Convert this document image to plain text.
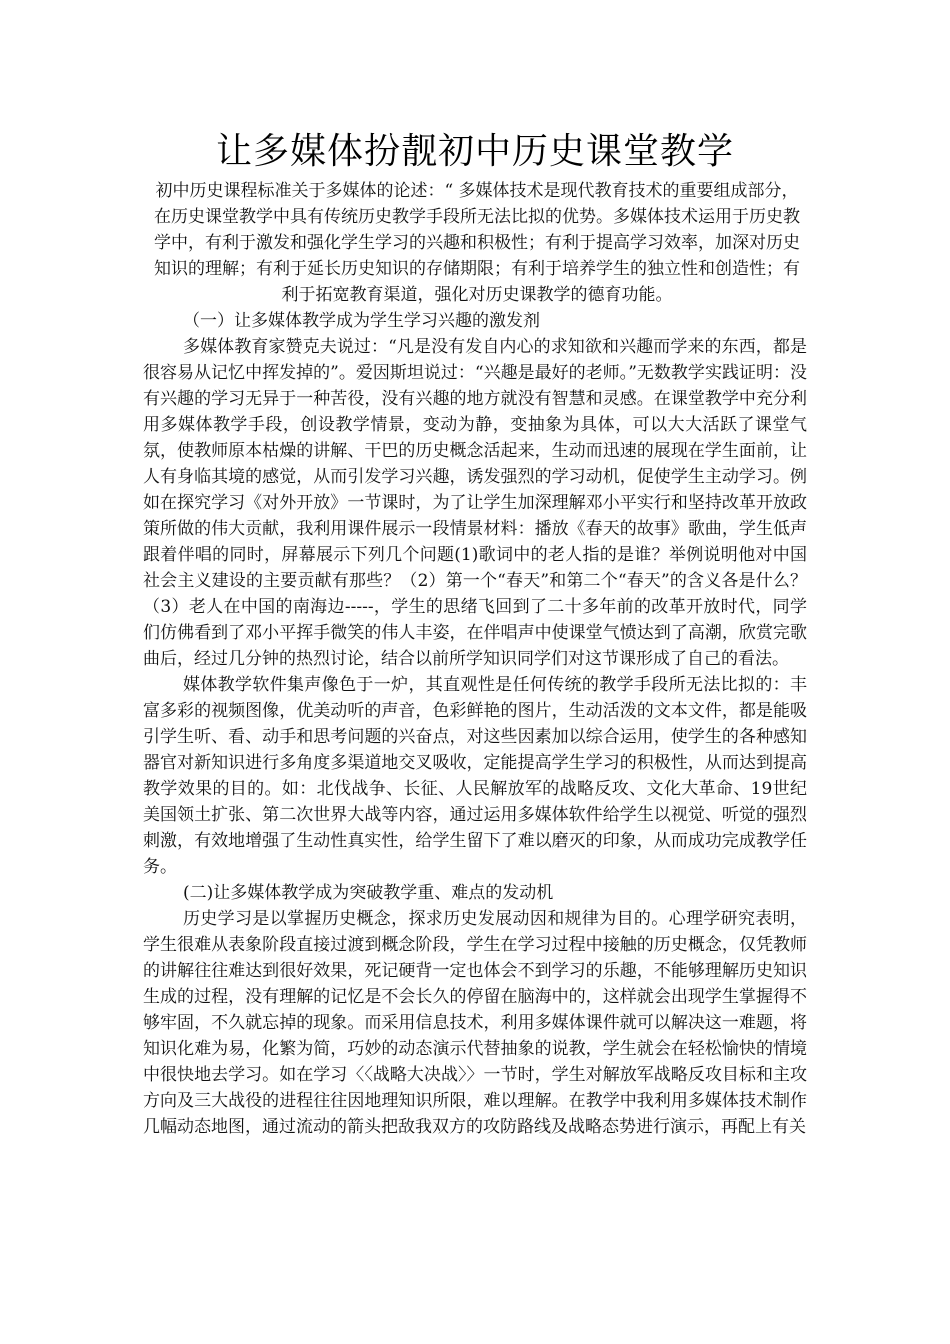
让多媒体扮靓初中历史课堂教学

初中历史课程标准关于多媒体的论述：“ 多媒体技术是现代教育技术的重要组成部分，在历史课堂教学中具有传统历史教学手段所无法比拟的优势。多媒体技术运用于历史教学中，有利于激发和强化学生学习的兴趣和积极性；有利于提高学习效率，加深对历史知识的理解；有利于延长历史知识的存储期限；有利于培养学生的独立性和创造性；有利于拓宽教育渠道，强化对历史课教学的德育功能。

（一）让多媒体教学成为学生学习兴趣的激发剂

多媒体教育家赞克夫说过：“凡是没有发自内心的求知欲和兴趣而学来的东西，都是很容易从记忆中挥发掉的”。爱因斯坦说过：“兴趣是最好的老师。”无数教学实践证明：没有兴趣的学习无异于一种苦役，没有兴趣的地方就没有智慧和灵感。在课堂教学中充分利用多媒体教学手段，创设教学情景，变动为静，变抽象为具体，可以大大活跃了课堂气氛，使教师原本枯燥的讲解、干巴的历史概念活起来，生动而迅速的展现在学生面前，让人有身临其境的感觉，从而引发学习兴趣，诱发强烈的学习动机，促使学生主动学习。例如在探究学习《对外开放》一节课时，为了让学生加深理解邓小平实行和坚持改革开放政策所做的伟大贡献，我利用课件展示一段情景材料：播放《春天的故事》歌曲，学生低声跟着伴唱的同时，屏幕展示下列几个问题(1)歌词中的老人指的是谁？举例说明他对中国社会主义建设的主要贡献有那些？（2）第一个“春天”和第二个“春天”的含义各是什么？（3）老人在中国的南海边-----，学生的思绪飞回到了二十多年前的改革开放时代，同学们仿佛看到了邓小平挥手微笑的伟人丰姿，在伴唱声中使课堂气愤达到了高潮，欣赏完歌曲后，经过几分钟的热烈讨论，结合以前所学知识同学们对这节课形成了自己的看法。

媒体教学软件集声像色于一炉，其直观性是任何传统的教学手段所无法比拟的：丰富多彩的视频图像，优美动听的声音，色彩鲜艳的图片，生动活泼的文本文件，都是能吸引学生听、看、动手和思考问题的兴奋点，对这些因素加以综合运用，使学生的各种感知器官对新知识进行多角度多渠道地交叉吸收，定能提高学生学习的积极性，从而达到提高教学效果的目的。如：北伐战争、长征、人民解放军的战略反攻、文化大革命、19世纪美国领土扩张、第二次世界大战等内容，通过运用多媒体软件给学生以视觉、听觉的强烈刺激，有效地增强了生动性真实性，给学生留下了难以磨灭的印象，从而成功完成教学任务。

(二)让多媒体教学成为突破教学重、难点的发动机

历史学习是以掌握历史概念，探求历史发展动因和规律为目的。心理学研究表明，学生很难从表象阶段直接过渡到概念阶段，学生在学习过程中接触的历史概念，仅凭教师的讲解往往难达到很好效果，死记硬背一定也体会不到学习的乐趣，不能够理解历史知识生成的过程，没有理解的记忆是不会长久的停留在脑海中的，这样就会出现学生掌握得不够牢固，不久就忘掉的现象。而采用信息技术，利用多媒体课件就可以解决这一难题，将知识化难为易，化繁为简，巧妙的动态演示代替抽象的说教，学生就会在轻松愉快的情境中很快地去学习。如在学习〈〈战略大决战〉〉一节时，学生对解放军战略反攻目标和主攻方向及三大战役的进程往往因地理知识所限，难以理解。在教学中我利用多媒体技术制作几幅动态地图，通过流动的箭头把敌我双方的攻防路线及战略态势进行演示，再配上有关
